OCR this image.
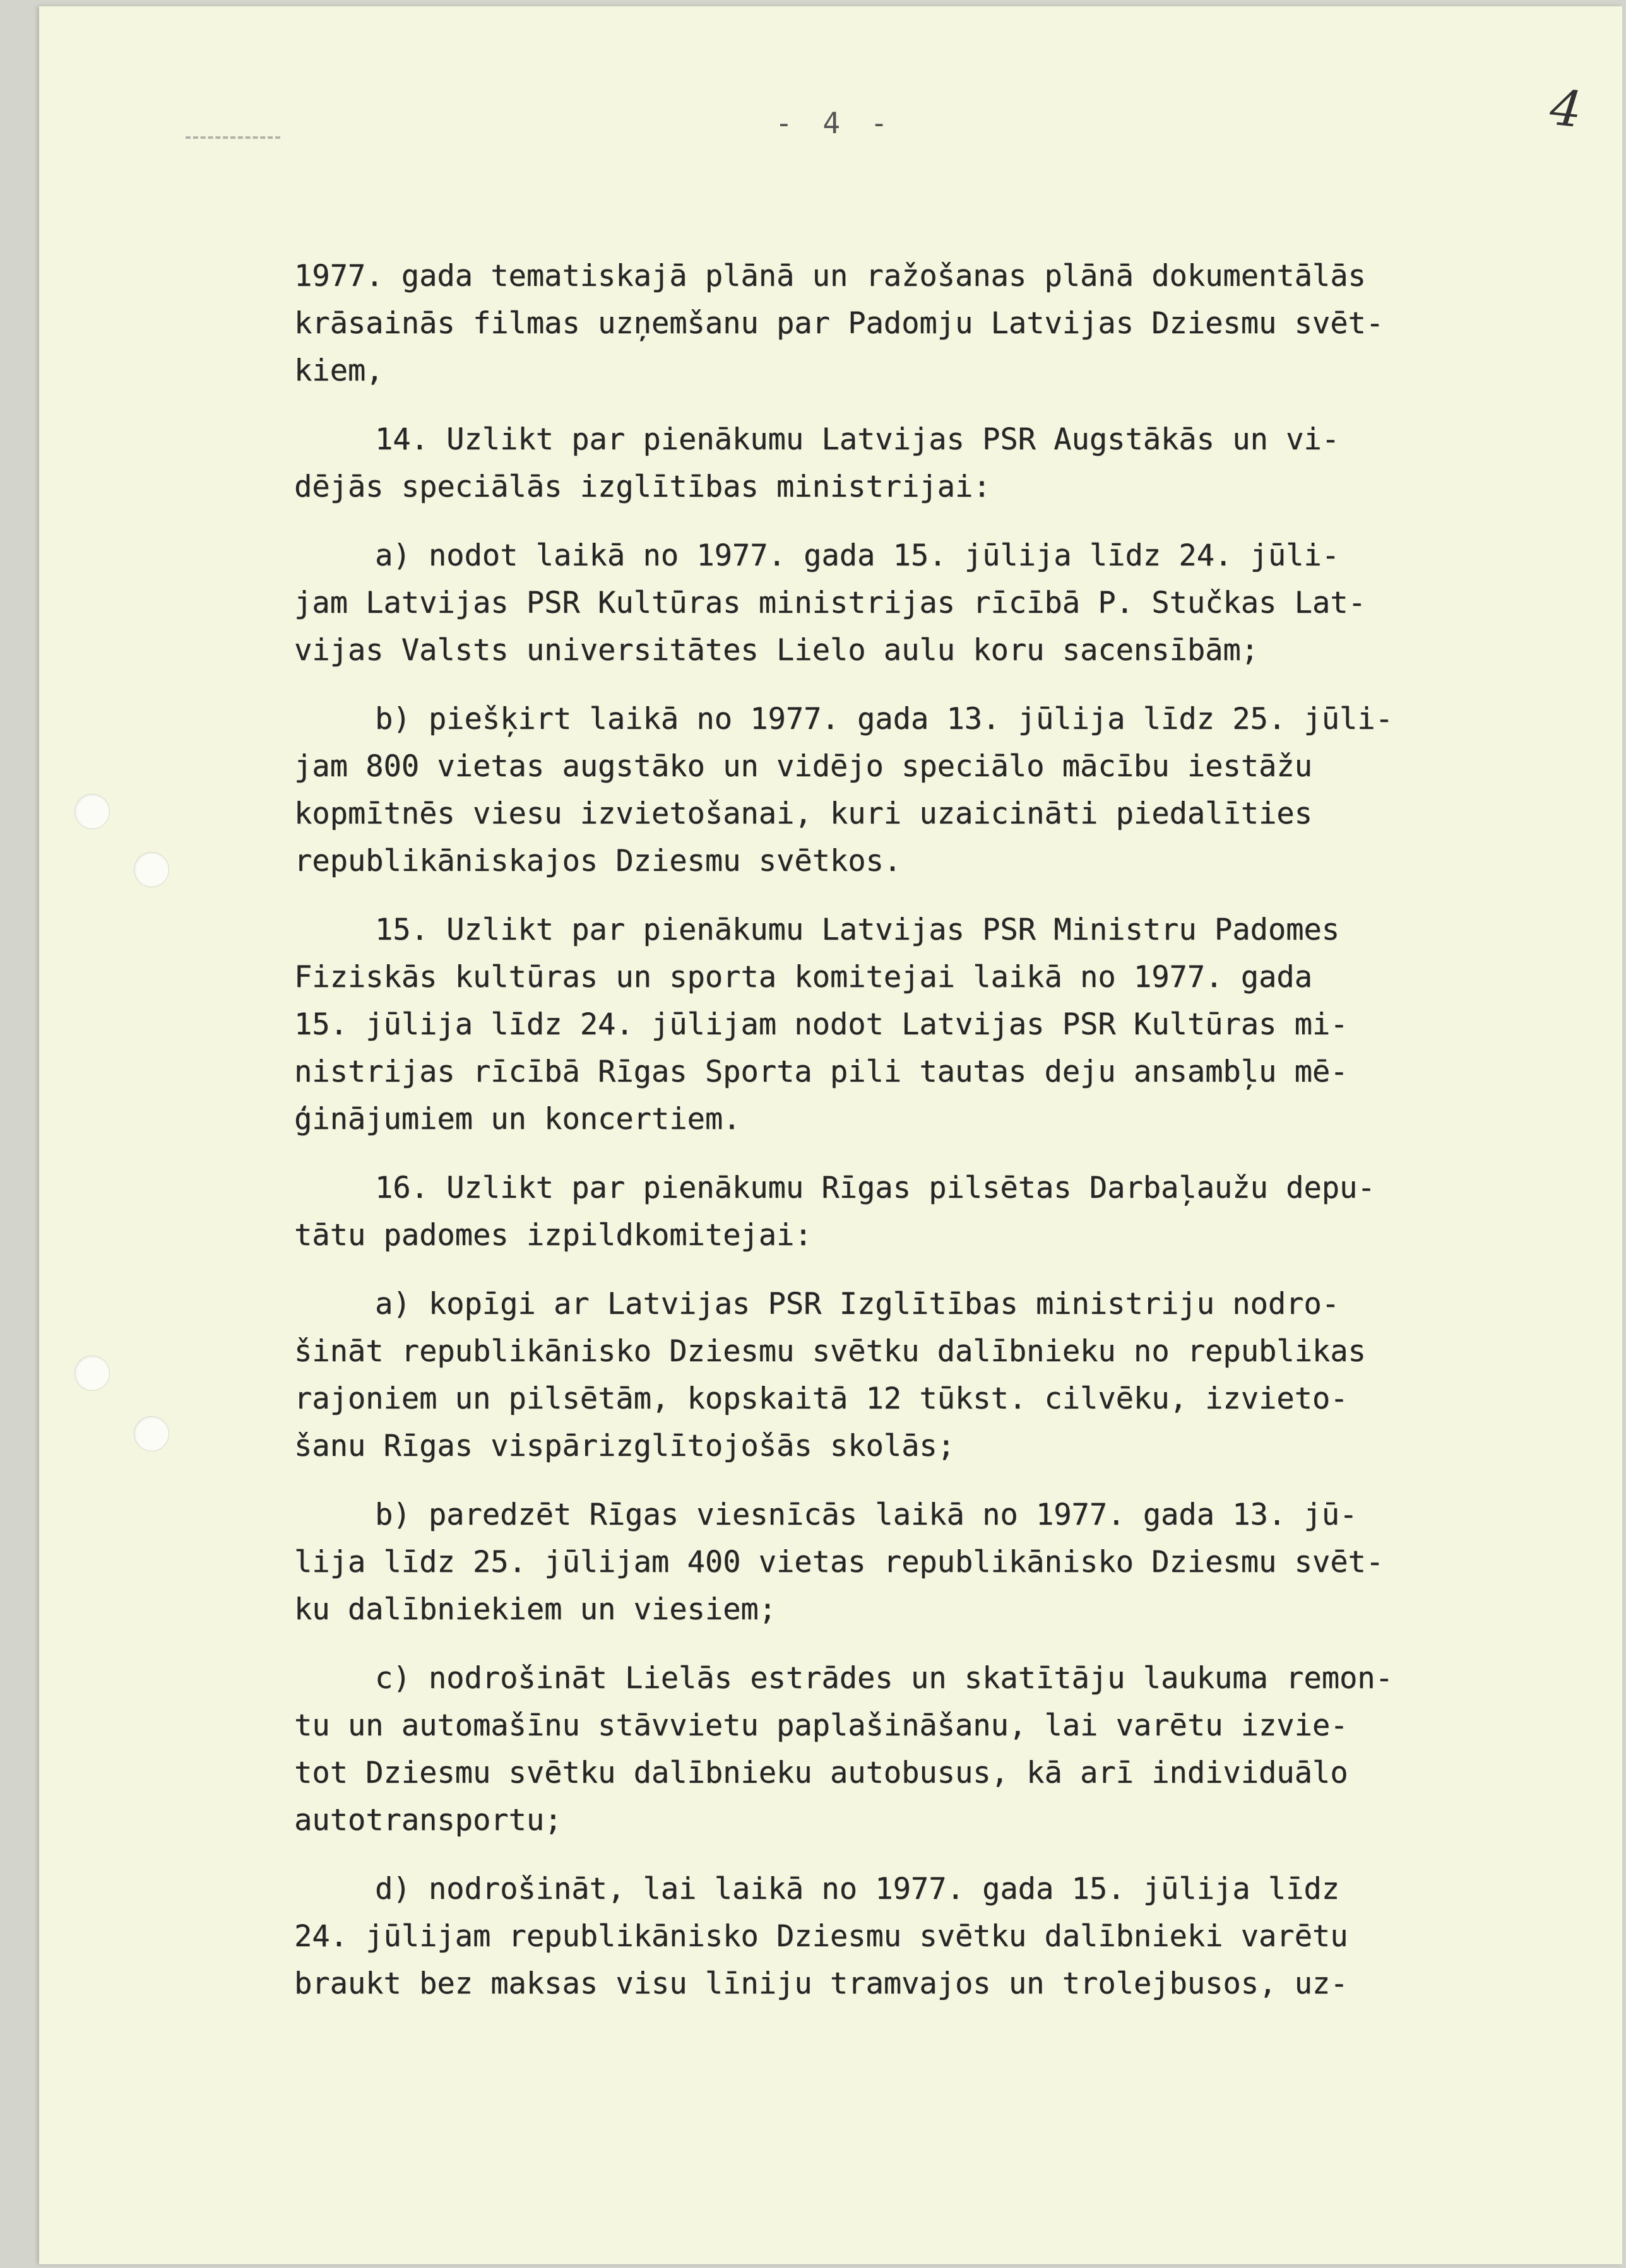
- 4 -	4
1977. gada tematiskajā plānā un ražošanas plānā dokumentālās
krāsainās filmas uzņemšanu par Padomju Latvijas Dziesmu svēt-
kiem,
14. Uzlikt par pienākumu Latvijas PSR Augstākās un vi-
dējās speciālās izglītības ministrijai:
a) nodot laikā no 1977. gada 15. jūlija līdz 24. jūli-
jam Latvijas PSR Kultūras ministrijas rīcībā P. Stučkas Lat-
vijas Valsts universitātes Lielo aulu koru sacensībām;
b) piešķirt laikā no 1977. gada 13. jūlija līdz 25. jūli-
jam 800 vietas augstāko un vidējo speciālo mācību iestāžu
kopmītnēs viesu izvietošanai, kuri uzaicināti piedalīties
republikāniskajos Dziesmu svētkos.
15. Uzlikt par pienākumu Latvijas PSR Ministru Padomes
Fiziskās kultūras un sporta komitejai laikā no 1977. gada
15. jūlija līdz 24. jūlijam nodot Latvijas PSR Kultūras mi-
nistrijas rīcībā Rīgas Sporta pili tautas deju ansambļu mē-
ģinājumiem un koncertiem.
16. Uzlikt par pienākumu Rīgas pilsētas Darbaļaužu depu-
tātu padomes izpildkomitejai:
a) kopīgi ar Latvijas PSR Izglītības ministriju nodro-
šināt republikānisko Dziesmu svētku dalībnieku no republikas
rajoniem un pilsētām, kopskaitā 12 tūkst. cilvēku, izvieto-
šanu Rīgas vispārizglītojošās skolās;
b) paredzēt Rīgas viesnīcās laikā no 1977. gada 13. jū-
lija līdz 25. jūlijam 400 vietas republikānisko Dziesmu svēt-
ku dalībniekiem un viesiem;
c) nodrošināt Lielās estrādes un skatītāju laukuma remon-
tu un automašīnu stāvvietu paplašināšanu, lai varētu izvie-
tot Dziesmu svētku dalībnieku autobusus, kā arī individuālo
autotransportu;
d) nodrošināt, lai laikā no 1977. gada 15. jūlija līdz
24. jūlijam republikānisko Dziesmu svētku dalībnieki varētu
braukt bez maksas visu līniju tramvajos un trolejbusos, uz-
